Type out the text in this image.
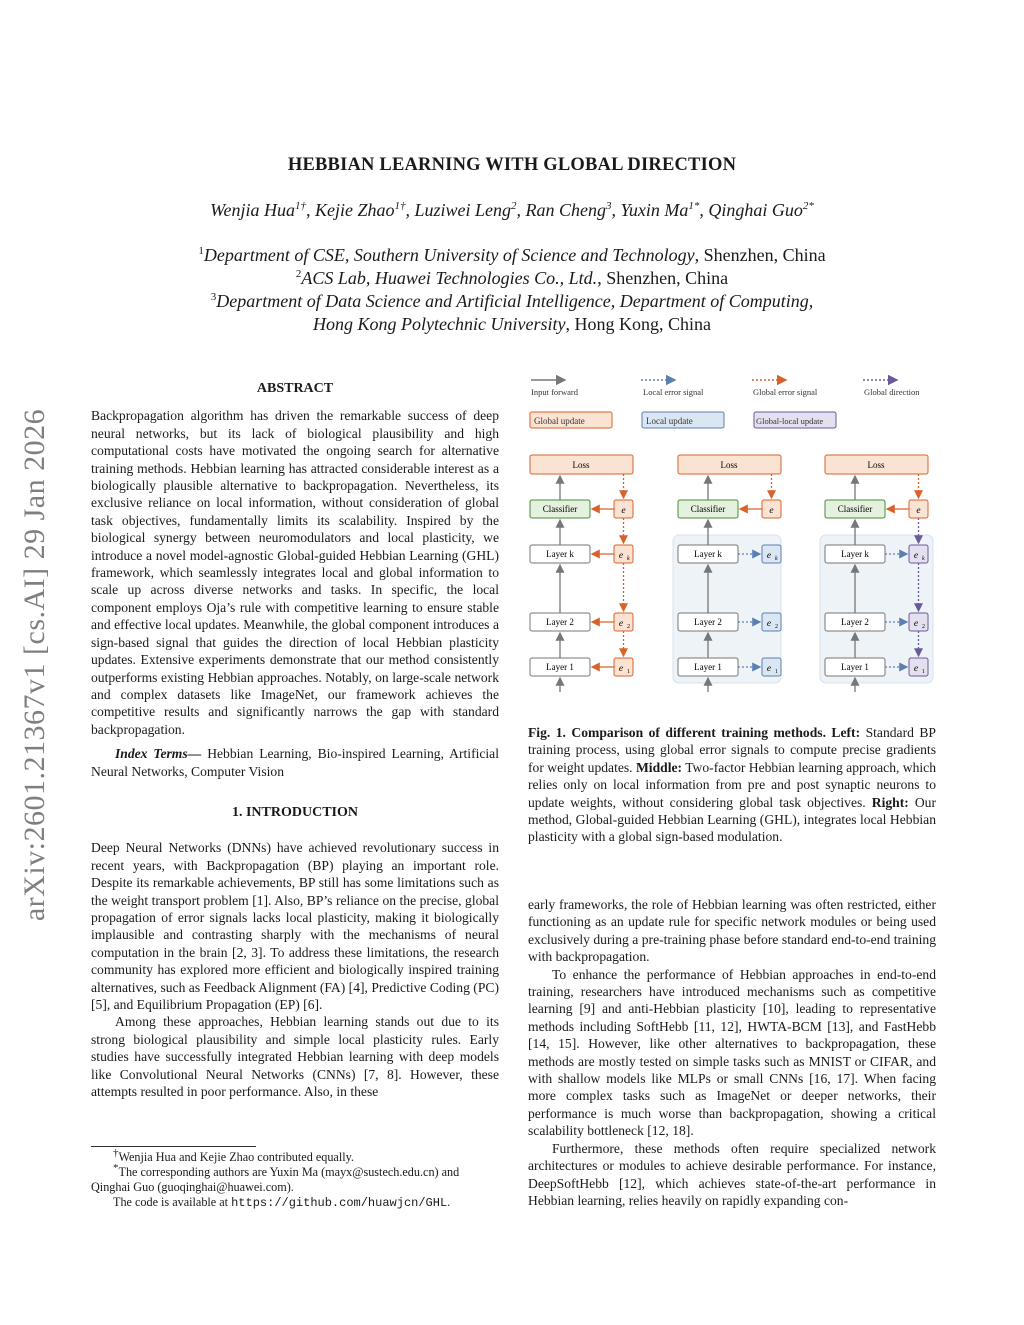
arXiv:2601.21367v1 [cs.AI] 29 Jan 2026
HEBBIAN LEARNING WITH GLOBAL DIRECTION
Wenjia Hua$^{1\dagger}$, Kejie Zhao$^{1\dagger}$, Luziwei Leng$^2$, Ran Cheng$^3$, Yuxin $Ma^{1*}$, Qinghai Guo$^{2*}$
$^1$Department of CSE, Southern University of Science and Technology, Shenzhen, China
$^2$ACS Lab, Huawei Technologies Co., Ltd., Shenzhen, China
$^3$Department of Data Science and Artificial Intelligence, Department of Computing,
Hong Kong Polytechnic University, Hong Kong, China
ABSTRACT

Backpropagation algorithm has driven the remarkable success of deep neural networks, but its lack of biological plausibility and high computational costs have motivated the ongoing search for alternative training methods. Hebbian learning has attracted considerable interest as a biologically plausible alternative to backpropagation. Nevertheless, its exclusive reliance on local information, without consideration of global task objectives, fundamentally limits its scalability. Inspired by the biological synergy between neuromodulators and local plasticity, we introduce a novel model-agnostic Global-guided Hebbian Learning (GHL) framework, which seamlessly integrates local and global information to scale up across diverse networks and tasks. In specific, the local component employs Oja’s rule with competitive learning to ensure stable and effective local updates. Meanwhile, the global component introduces a sign-based signal that guides the direction of local Hebbian plasticity updates. Extensive experiments demonstrate that our method consistently outperforms existing Hebbian approaches. Notably, on large-scale network and complex datasets like ImageNet, our framework achieves the competitive results and significantly narrows the gap with standard backpropagation.

Index Terms— Hebbian Learning, Bio-inspired Learning, Artificial Neural Networks, Computer Vision

1. INTRODUCTION

Deep Neural Networks (DNNs) have achieved revolutionary success in recent years, with Backpropagation (BP) playing an important role. Despite its remarkable achievements, BP still has some limitations such as the weight transport problem [1]. Also, BP’s reliance on the precise, global propagation of error signals lacks local plasticity, making it biologically implausible and contrasting sharply with the mechanisms of neural computation in the brain [2, 3]. To address these limitations, the research community has explored more efficient and biologically inspired training alternatives, such as Feedback Alignment (FA) [4], Predictive Coding (PC) [5], and Equilibrium Propagation (EP) [6].

Among these approaches, Hebbian learning stands out due to its strong biological plausibility and simple local plasticity rules. Early studies have successfully integrated Hebbian learning with deep models like Convolutional Neural Networks (CNNs) [7, 8]. However, these attempts resulted in poor performance. Also, in these

†Wenjia Hua and Kejie Zhao contributed equally.
*The corresponding authors are Yuxin Ma (mayx@sustech.edu.cn) and Qinghai Guo (guoqinghai@huawei.com).
The code is available at https://github.com/huawjcn/GHL.
Input forward	Local error signal	Global error signal	Global direction
Global update	Local update	Global-local update
Loss
Classifier	e
Layer k	e k
Layer 2	e 2
Layer 1	e 1
Loss
Classifier	e
Layer k	e k
Layer 2	e 2
Layer 1	e 1
Loss
Classifier	e
Layer k	e k
Layer 2	e 2
Layer 1	e 1
Fig. 1. Comparison of different training methods. Left: Standard BP training process, using global error signals to compute precise gradients for weight updates. Middle: Two-factor Hebbian learning approach, which relies only on local information from pre and post synaptic neurons to update weights, without considering global task objectives. Right: Our method, Global-guided Hebbian Learning (GHL), integrates local Hebbian plasticity with a global sign-based modulation.

early frameworks, the role of Hebbian learning was often restricted, either functioning as an update rule for specific network modules or being used exclusively during a pre-training phase before standard end-to-end training with backpropagation.

To enhance the performance of Hebbian approaches in end-to-end training, researchers have introduced mechanisms such as competitive learning [9] and anti-Hebbian plasticity [10], leading to representative methods including SoftHebb [11, 12], HWTA-BCM [13], and FastHebb [14, 15]. However, like other alternatives to backpropagation, these methods are mostly tested on simple tasks such as MNIST or CIFAR, and with shallow models like MLPs or small CNNs [16, 17]. When facing more complex tasks such as ImageNet or deeper networks, their performance is much worse than backpropagation, showing a critical scalability bottleneck [12, 18].

Furthermore, these methods often require specialized network architectures or modules to achieve desirable performance. For instance, DeepSoftHebb [12], which achieves state-of-the-art performance in Hebbian learning, relies heavily on rapidly expanding con-
